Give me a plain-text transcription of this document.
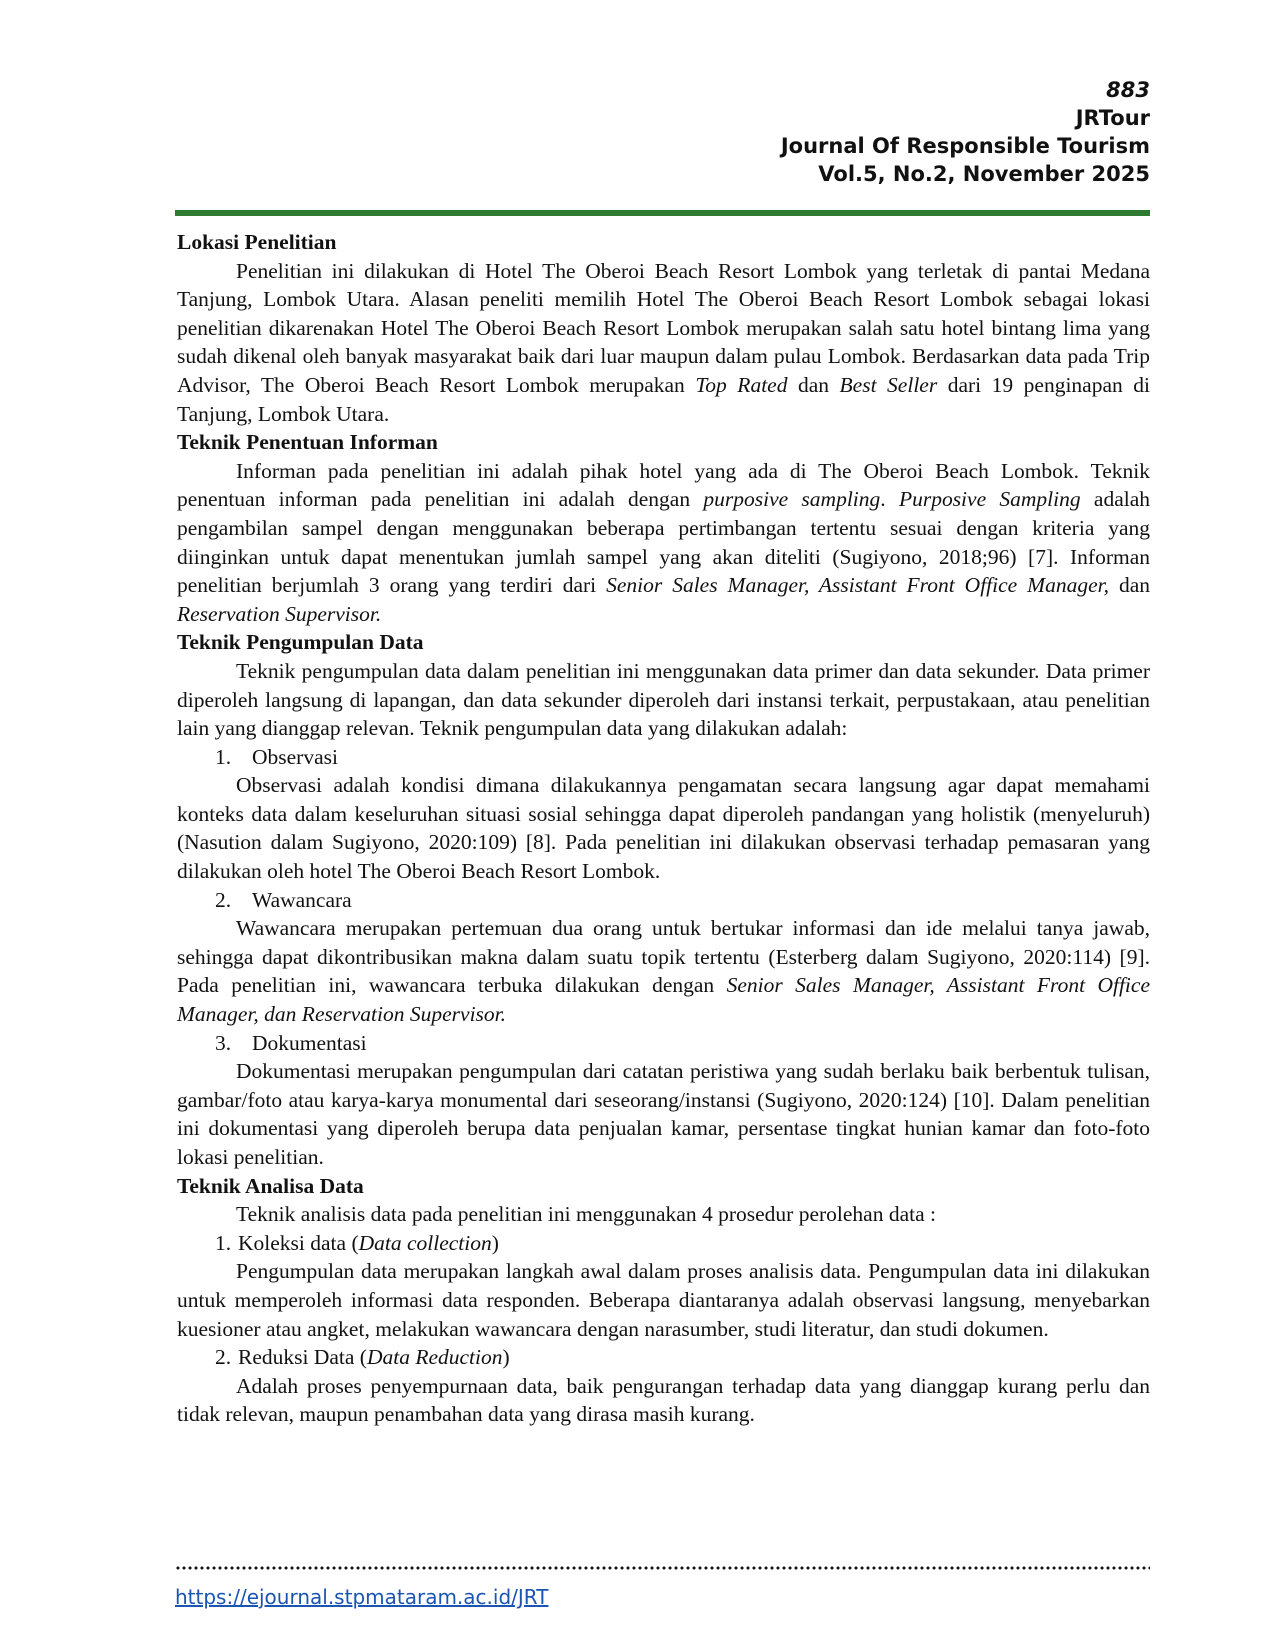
883
JRTour
Journal Of Responsible Tourism
Vol.5, No.2, November 2025
Lokasi Penelitian

Penelitian ini dilakukan di Hotel The Oberoi Beach Resort Lombok yang terletak di pantai Medana Tanjung, Lombok Utara. Alasan peneliti memilih Hotel The Oberoi Beach Resort Lombok sebagai lokasi penelitian dikarenakan Hotel The Oberoi Beach Resort Lombok merupakan salah satu hotel bintang lima yang sudah dikenal oleh banyak masyarakat baik dari luar maupun dalam pulau Lombok. Berdasarkan data pada Trip Advisor, The Oberoi Beach Resort Lombok merupakan Top Rated dan Best Seller dari 19 penginapan di Tanjung, Lombok Utara.

Teknik Penentuan Informan

Informan pada penelitian ini adalah pihak hotel yang ada di The Oberoi Beach Lombok. Teknik penentuan informan pada penelitian ini adalah dengan purposive sampling. Purposive Sampling adalah pengambilan sampel dengan menggunakan beberapa pertimbangan tertentu sesuai dengan kriteria yang diinginkan untuk dapat menentukan jumlah sampel yang akan diteliti (Sugiyono, 2018;96) [7]. Informan penelitian berjumlah 3 orang yang terdiri dari Senior Sales Manager, Assistant Front Office Manager, dan Reservation Supervisor.

Teknik Pengumpulan Data

Teknik pengumpulan data dalam penelitian ini menggunakan data primer dan data sekunder. Data primer diperoleh langsung di lapangan, dan data sekunder diperoleh dari instansi terkait, perpustakaan, atau penelitian lain yang dianggap relevan. Teknik pengumpulan data yang dilakukan adalah:

1. Observasi

Observasi adalah kondisi dimana dilakukannya pengamatan secara langsung agar dapat memahami konteks data dalam keseluruhan situasi sosial sehingga dapat diperoleh pandangan yang holistik (menyeluruh) (Nasution dalam Sugiyono, 2020:109) [8]. Pada penelitian ini dilakukan observasi terhadap pemasaran yang dilakukan oleh hotel The Oberoi Beach Resort Lombok.

2. Wawancara

Wawancara merupakan pertemuan dua orang untuk bertukar informasi dan ide melalui tanya jawab, sehingga dapat dikontribusikan makna dalam suatu topik tertentu (Esterberg dalam Sugiyono, 2020:114) [9]. Pada penelitian ini, wawancara terbuka dilakukan dengan Senior Sales Manager, Assistant Front Office Manager, dan Reservation Supervisor.

3. Dokumentasi

Dokumentasi merupakan pengumpulan dari catatan peristiwa yang sudah berlaku baik berbentuk tulisan, gambar/foto atau karya-karya monumental dari seseorang/instansi (Sugiyono, 2020:124) [10]. Dalam penelitian ini dokumentasi yang diperoleh berupa data penjualan kamar, persentase tingkat hunian kamar dan foto-foto lokasi penelitian.

Teknik Analisa Data

Teknik analisis data pada penelitian ini menggunakan 4 prosedur perolehan data :

1. Koleksi data (Data collection)

Pengumpulan data merupakan langkah awal dalam proses analisis data. Pengumpulan data ini dilakukan untuk memperoleh informasi data responden. Beberapa diantaranya adalah observasi langsung, menyebarkan kuesioner atau angket, melakukan wawancara dengan narasumber, studi literatur, dan studi dokumen.

2. Reduksi Data (Data Reduction)

Adalah proses penyempurnaan data, baik pengurangan terhadap data yang dianggap kurang perlu dan tidak relevan, maupun penambahan data yang dirasa masih kurang.

https://ejournal.stpmataram.ac.id/JRT
